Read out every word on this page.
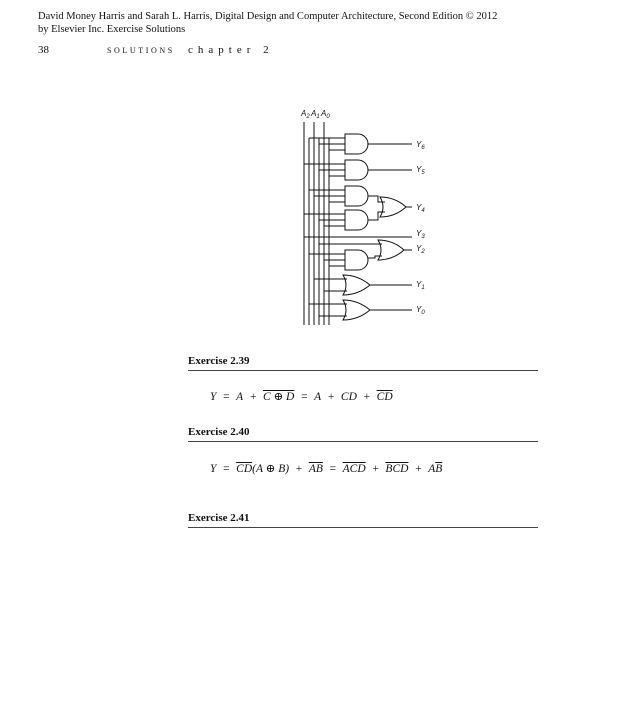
David Money Harris and Sarah L. Harris, Digital Design and Computer Architecture, Second Edition © 2012
by Elsevier Inc. Exercise Solutions
38	SOLUTIONS chapter 2
$A_2$ $A_1$ $A_0$
$Y_6$
$Y_5$
$Y_4$
$Y_3$
$Y_2$
$Y_1$
$Y_0$
Exercise 2.39
Y = A + C ⊕ D = A + CD + $\overline{C}\overline{D}$
Exercise 2.40
$Y = \overline{C}\overline{D}(A$ ⊕ $B) + \overline{A}\overline{B} = \overline{A}\overline{C}\overline{D} + \overline{B}\overline{C}\overline{D} + A\overline{B}$
Exercise 2.41
